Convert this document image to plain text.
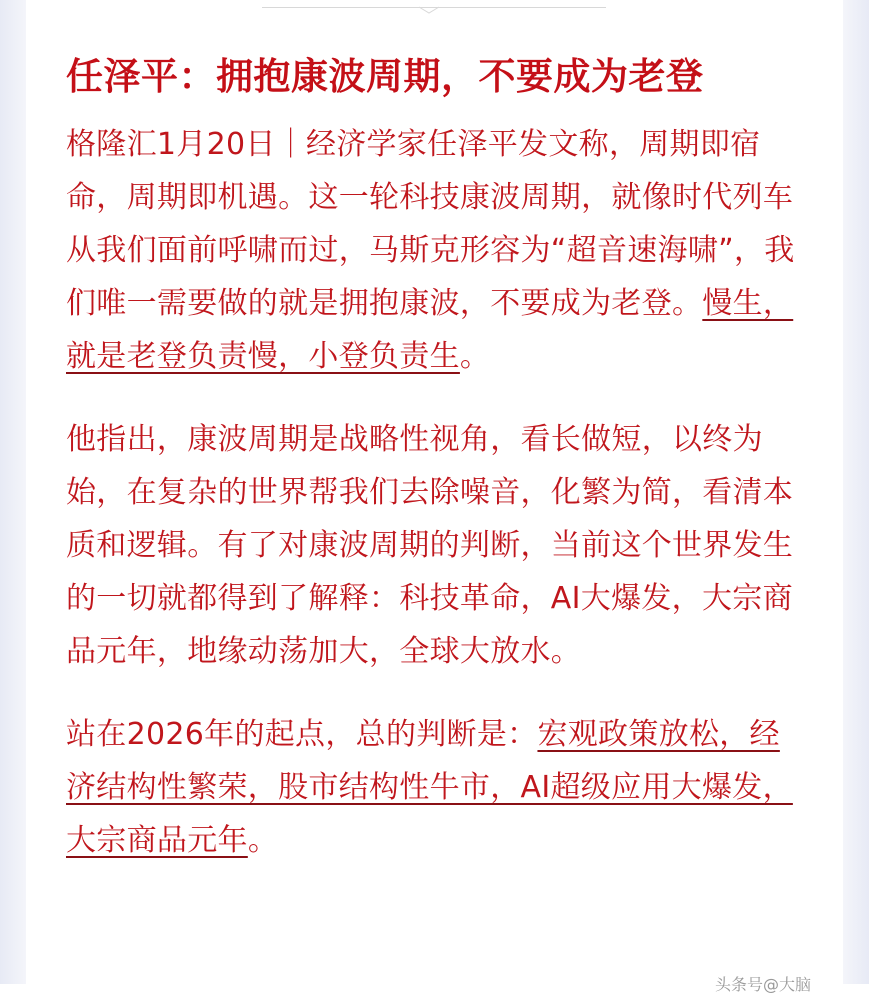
任泽平：拥抱康波周期，不要成为老登

格隆汇1月20日｜经济学家任泽平发文称，周期即宿命，周期即机遇。这一轮科技康波周期，就像时代列车从我们面前呼啸而过，马斯克形容为“超音速海啸”，我们唯一需要做的就是拥抱康波，不要成为老登。慢生，就是老登负责慢，小登负责生。

他指出，康波周期是战略性视角，看长做短，以终为始，在复杂的世界帮我们去除噪音，化繁为简，看清本质和逻辑。有了对康波周期的判断，当前这个世界发生的一切就都得到了解释：科技革命，AI大爆发，大宗商品元年，地缘动荡加大，全球大放水。

站在2026年的起点，总的判断是：宏观政策放松，经济结构性繁荣，股市结构性牛市，AI超级应用大爆发，大宗商品元年。

头条号@大脑
